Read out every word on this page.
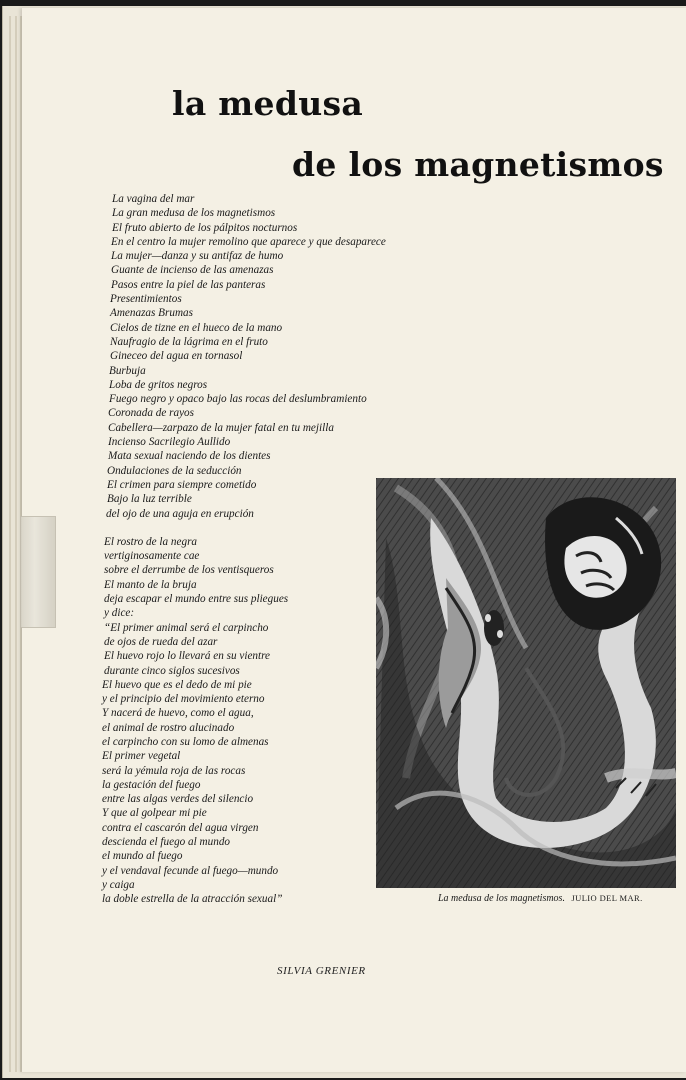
la medusa
de los magnetismos
La vagina del mar
La gran medusa de los magnetismos
El fruto abierto de los pálpitos nocturnos
En el centro la mujer remolino que aparece y que desaparece
La mujer—danza y su antifaz de humo
Guante de incienso de las amenazas
Pasos entre la piel de las panteras
Presentimientos
Amenazas Brumas
Cielos de tizne en el hueco de la mano
Naufragio de la lágrima en el fruto
Gineceo del agua en tornasol
Burbuja
Loba de gritos negros
Fuego negro y opaco bajo las rocas del deslumbramiento
Coronada de rayos
Cabellera—zarpazo de la mujer fatal en tu mejilla
Incienso Sacrilegio Aullido
Mata sexual naciendo de los dientes
Ondulaciones de la seducción
El crimen para siempre cometido
Bajo la luz terrible
del ojo de una aguja en erupción
El rostro de la negra
vertiginosamente cae
sobre el derrumbe de los ventisqueros
El manto de la bruja
deja escapar el mundo entre sus pliegues
y dice:
“El primer animal será el carpincho
de ojos de rueda del azar
El huevo rojo lo llevará en su vientre
durante cinco siglos sucesivos
El huevo que es el dedo de mi pie
y el principio del movimiento eterno
Y nacerá de huevo, como el agua,
el animal de rostro alucinado
el carpincho con su lomo de almenas
El primer vegetal
será la yémula roja de las rocas
la gestación del fuego
entre las algas verdes del silencio
Y que al golpear mi pie
contra el cascarón del agua virgen
descienda el fuego al mundo
el mundo al fuego
y el vendaval fecunde al fuego—mundo
y caiga
la doble estrella de la atracción sexual”	La medusa de los magnetismos. JULIO DEL MAR.
SILVIA GRENIER
